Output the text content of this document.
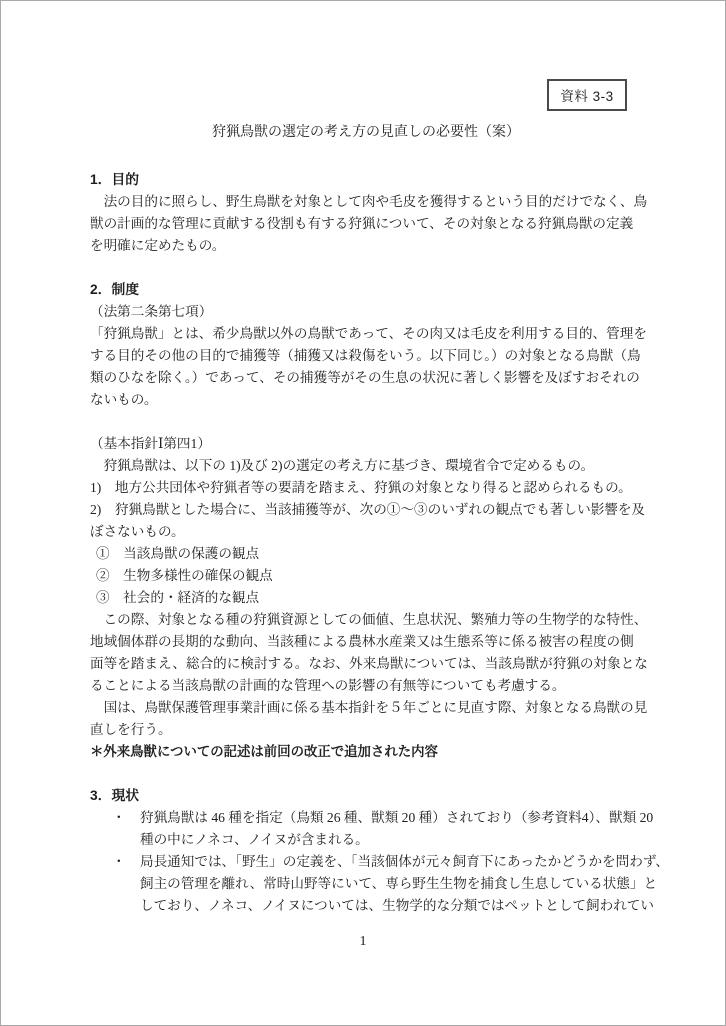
資料 3-3
狩猟鳥獣の選定の考え方の見直しの必要性（案）
1．目的
　法の目的に照らし、野生鳥獣を対象として肉や毛皮を獲得するという目的だけでなく、鳥
獣の計画的な管理に貢献する役割も有する狩猟について、その対象となる狩猟鳥獣の定義
を明確に定めたもの。
2．制度
（法第二条第七項）
「狩猟鳥獣」とは、希少鳥獣以外の鳥獣であって、その肉又は毛皮を利用する目的、管理を
する目的その他の目的で捕獲等（捕獲又は殺傷をいう。以下同じ。）の対象となる鳥獣（鳥
類のひなを除く。）であって、その捕獲等がその生息の状況に著しく影響を及ぼすおそれの
ないもの。
（基本指針Ⅰ第四1）
　狩猟鳥獣は、以下の 1)及び 2)の選定の考え方に基づき、環境省令で定めるもの。
1)　地方公共団体や狩猟者等の要請を踏まえ、狩猟の対象となり得ると認められるもの。
2)　狩猟鳥獣とした場合に、当該捕獲等が、次の①～③のいずれの観点でも著しい影響を及
ぼさないもの。
①　当該鳥獣の保護の観点
②　生物多様性の確保の観点
③　社会的・経済的な観点
　この際、対象となる種の狩猟資源としての価値、生息状況、繁殖力等の生物学的な特性、
地域個体群の長期的な動向、当該種による農林水産業又は生態系等に係る被害の程度の側
面等を踏まえ、総合的に検討する。なお、外来鳥獣については、当該鳥獣が狩猟の対象とな
ることによる当該鳥獣の計画的な管理への影響の有無等についても考慮する。
　国は、鳥獣保護管理事業計画に係る基本指針を５年ごとに見直す際、対象となる鳥獣の見
直しを行う。
＊外来鳥獣についての記述は前回の改正で追加された内容
3．現状
・	狩猟鳥獣は 46 種を指定（鳥類 26 種、獣類 20 種）されており（参考資料4）、獣類 20
種の中にノネコ、ノイヌが含まれる。
・	局長通知では、「野生」の定義を、「当該個体が元々飼育下にあったかどうかを問わず、
飼主の管理を離れ、常時山野等にいて、専ら野生生物を捕食し生息している状態」と
しており、ノネコ、ノイヌについては、生物学的な分類ではペットとして飼われてい
1
